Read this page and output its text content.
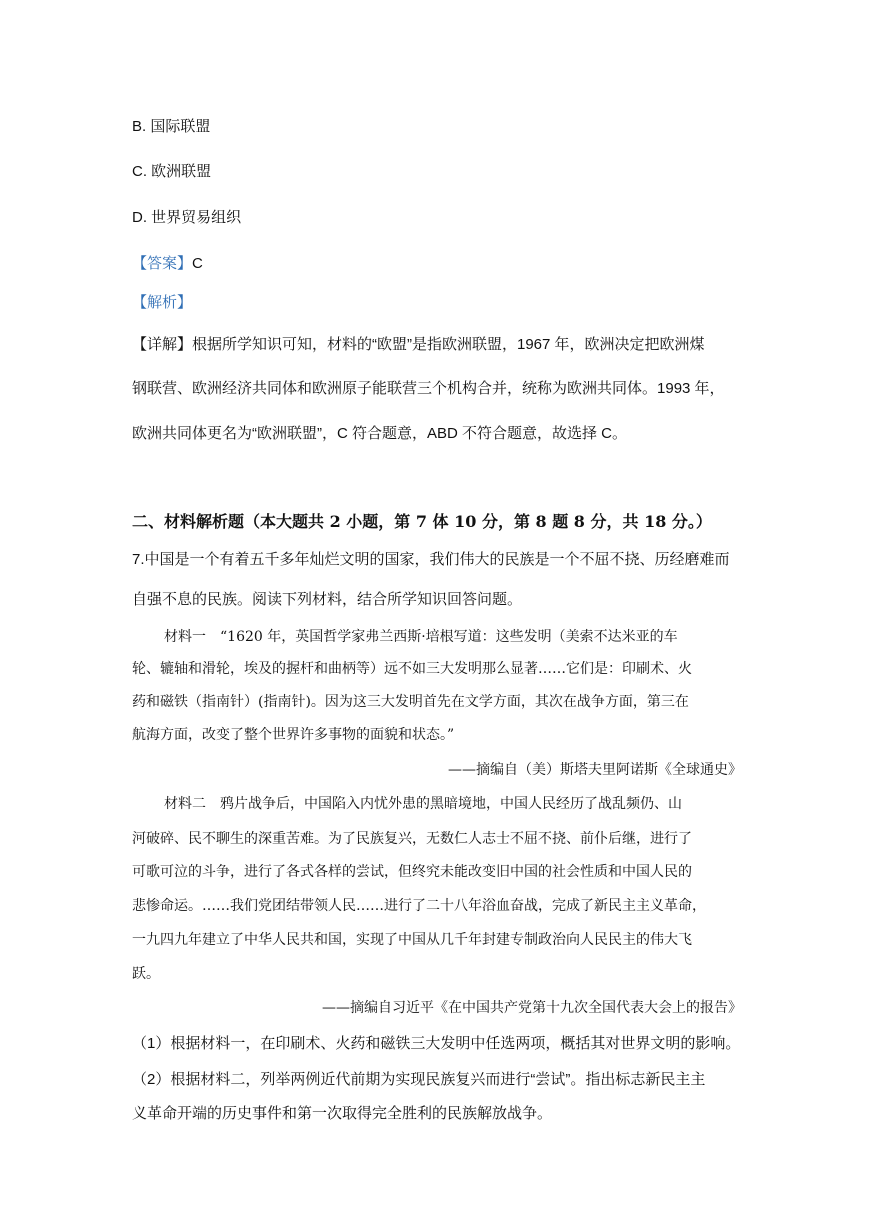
B. 国际联盟
C. 欧洲联盟
D. 世界贸易组织
【答案】C
【解析】
【详解】根据所学知识可知，材料的“欧盟”是指欧洲联盟，1967 年，欧洲决定把欧洲煤
钢联营、欧洲经济共同体和欧洲原子能联营三个机构合并，统称为欧洲共同体。1993 年，
欧洲共同体更名为“欧洲联盟”，C 符合题意，ABD 不符合题意，故选择 C。
二、材料解析题（本大题共 2 小题，第 7 体 10 分，第 8 题 8 分，共 18 分。）
7.中国是一个有着五千多年灿烂文明的国家，我们伟大的民族是一个不屈不挠、历经磨难而
自强不息的民族。阅读下列材料，结合所学知识回答问题。
材料一　“1620 年，英国哲学家弗兰西斯·培根写道：这些发明（美索不达米亚的车
轮、辘轴和滑轮，埃及的握杆和曲柄等）远不如三大发明那么显著……它们是：印刷术、火
药和磁铁（指南针）(指南针)。因为这三大发明首先在文学方面，其次在战争方面，第三在
航海方面，改变了整个世界许多事物的面貌和状态。”
——摘编自（美）斯塔夫里阿诺斯《全球通史》
材料二　鸦片战争后，中国陷入内忧外患的黑暗境地，中国人民经历了战乱频仍、山
河破碎、民不聊生的深重苦难。为了民族复兴，无数仁人志士不屈不挠、前仆后继，进行了
可歌可泣的斗争，进行了各式各样的尝试，但终究未能改变旧中国的社会性质和中国人民的
悲惨命运。……我们党团结带领人民……进行了二十八年浴血奋战，完成了新民主主义革命，
一九四九年建立了中华人民共和国，实现了中国从几千年封建专制政治向人民民主的伟大飞
跃。
——摘编自习近平《在中国共产党第十九次全国代表大会上的报告》
（1）根据材料一，在印刷术、火药和磁铁三大发明中任选两项，概括其对世界文明的影响。
（2）根据材料二，列举两例近代前期为实现民族复兴而进行“尝试”。指出标志新民主主
义革命开端的历史事件和第一次取得完全胜利的民族解放战争。
